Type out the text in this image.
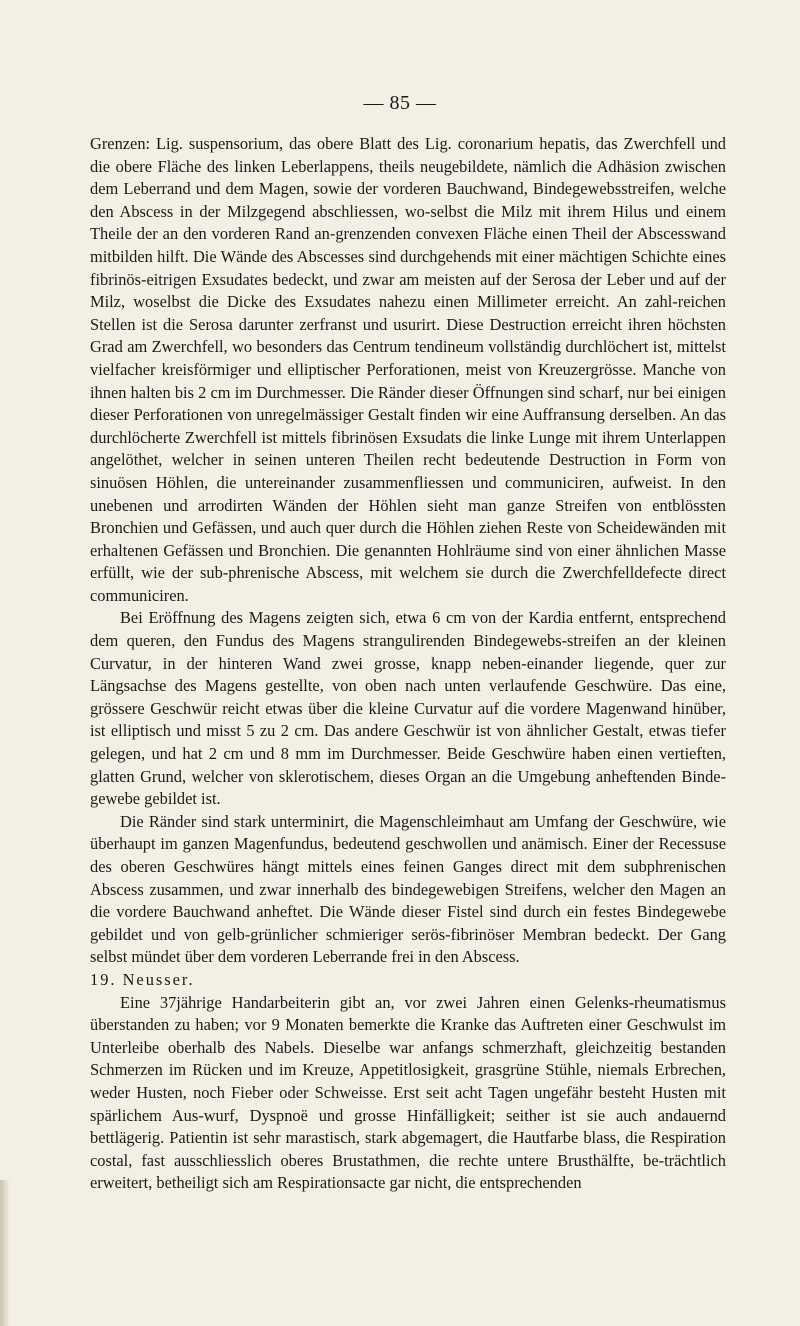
— 85 —

Grenzen: Lig. suspensorium, das obere Blatt des Lig. coronarium hepatis, das Zwerchfell und die obere Fläche des linken Leberlappens, theils neugebildete, nämlich die Adhäsion zwischen dem Leberrand und dem Magen, sowie der vorderen Bauchwand, Bindegewebsstreifen, welche den Abscess in der Milzgegend abschliessen, wo-selbst die Milz mit ihrem Hilus und einem Theile der an den vorderen Rand an-grenzenden convexen Fläche einen Theil der Abscesswand mitbilden hilft. Die Wände des Abscesses sind durchgehends mit einer mächtigen Schichte eines fibrinös-eitrigen Exsudates bedeckt, und zwar am meisten auf der Serosa der Leber und auf der Milz, woselbst die Dicke des Exsudates nahezu einen Millimeter erreicht. An zahl-reichen Stellen ist die Serosa darunter zerfranst und usurirt. Diese Destruction erreicht ihren höchsten Grad am Zwerchfell, wo besonders das Centrum tendineum vollständig durchlöchert ist, mittelst vielfacher kreisförmiger und elliptischer Perforationen, meist von Kreuzergrösse. Manche von ihnen halten bis 2 cm im Durchmesser. Die Ränder dieser Öffnungen sind scharf, nur bei einigen dieser Perforationen von unregelmässiger Gestalt finden wir eine Auffransung derselben. An das durchlöcherte Zwerchfell ist mittels fibrinösen Exsudats die linke Lunge mit ihrem Unterlappen angelöthet, welcher in seinen unteren Theilen recht bedeutende Destruction in Form von sinuösen Höhlen, die untereinander zusammenfliessen und communiciren, aufweist. In den unebenen und arrodirten Wänden der Höhlen sieht man ganze Streifen von entblössten Bronchien und Gefässen, und auch quer durch die Höhlen ziehen Reste von Scheidewänden mit erhaltenen Gefässen und Bronchien. Die genannten Hohlräume sind von einer ähnlichen Masse erfüllt, wie der sub-phrenische Abscess, mit welchem sie durch die Zwerchfelldefecte direct communiciren.

Bei Eröffnung des Magens zeigten sich, etwa 6 cm von der Kardia entfernt, entsprechend dem queren, den Fundus des Magens strangulirenden Bindegewebs-streifen an der kleinen Curvatur, in der hinteren Wand zwei grosse, knapp neben-einander liegende, quer zur Längsachse des Magens gestellte, von oben nach unten verlaufende Geschwüre. Das eine, grössere Geschwür reicht etwas über die kleine Curvatur auf die vordere Magenwand hinüber, ist elliptisch und misst 5 zu 2 cm. Das andere Geschwür ist von ähnlicher Gestalt, etwas tiefer gelegen, und hat 2 cm und 8 mm im Durchmesser. Beide Geschwüre haben einen vertieften, glatten Grund, welcher von sklerotischem, dieses Organ an die Umgebung anheftenden Binde-gewebe gebildet ist.

Die Ränder sind stark unterminirt, die Magenschleimhaut am Umfang der Geschwüre, wie überhaupt im ganzen Magenfundus, bedeutend geschwollen und anämisch. Einer der Recessuse des oberen Geschwüres hängt mittels eines feinen Ganges direct mit dem subphrenischen Abscess zusammen, und zwar innerhalb des bindegewebigen Streifens, welcher den Magen an die vordere Bauchwand anheftet. Die Wände dieser Fistel sind durch ein festes Bindegewebe gebildet und von gelb-grünlicher schmieriger serös-fibrinöser Membran bedeckt. Der Gang selbst mündet über dem vorderen Leberrande frei in den Abscess.

19. Neusser.

Eine 37jährige Handarbeiterin gibt an, vor zwei Jahren einen Gelenks-rheumatismus überstanden zu haben; vor 9 Monaten bemerkte die Kranke das Auftreten einer Geschwulst im Unterleibe oberhalb des Nabels. Dieselbe war anfangs schmerzhaft, gleichzeitig bestanden Schmerzen im Rücken und im Kreuze, Appetitlosigkeit, grasgrüne Stühle, niemals Erbrechen, weder Husten, noch Fieber oder Schweisse. Erst seit acht Tagen ungefähr besteht Husten mit spärlichem Aus-wurf, Dyspnoë und grosse Hinfälligkeit; seither ist sie auch andauernd bettlägerig. Patientin ist sehr marastisch, stark abgemagert, die Hautfarbe blass, die Respiration costal, fast ausschliesslich oberes Brustathmen, die rechte untere Brusthälfte, be-trächtlich erweitert, betheiligt sich am Respirationsacte gar nicht, die entsprechenden
